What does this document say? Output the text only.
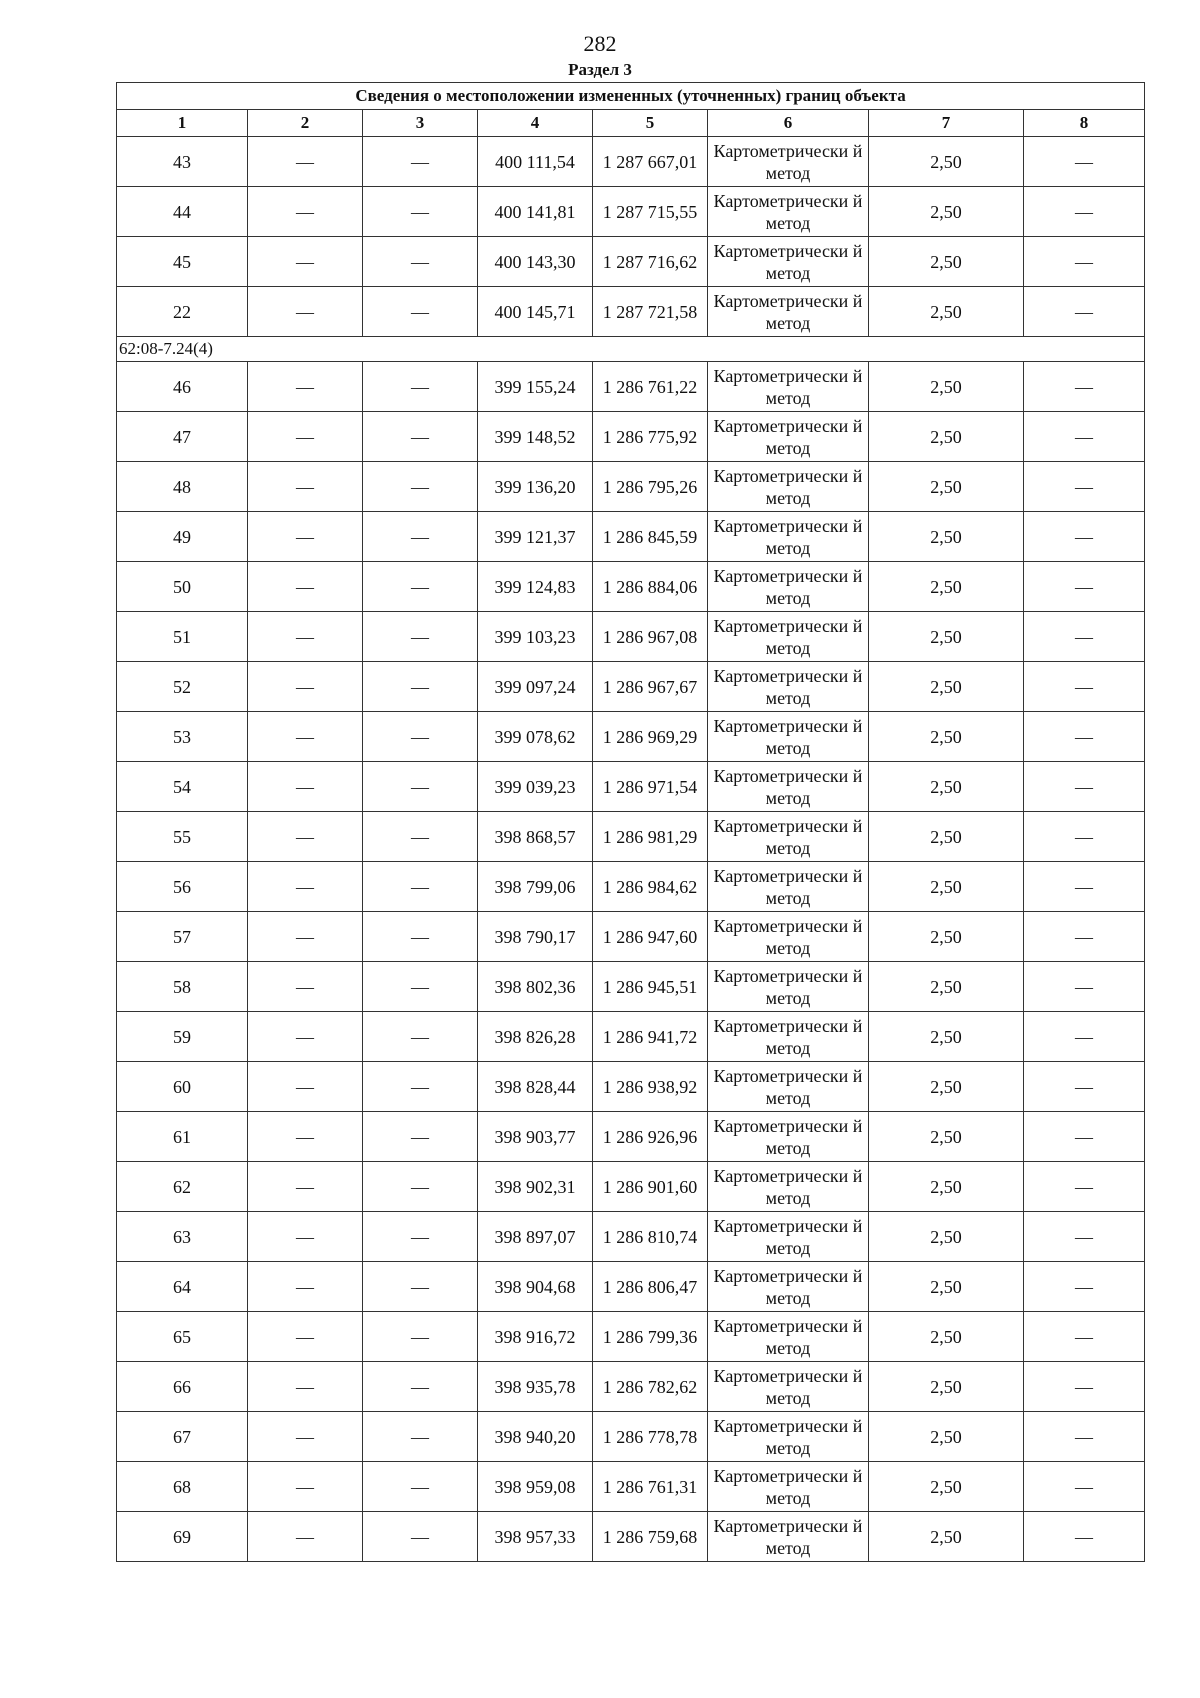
282
Раздел 3
Сведения о местоположении измененных (уточненных) границ объекта							
1	2	3	4	5	6	7	8
43	—	—	400 111,54	1 287 667,01	Картометрически й метод	2,50	—
44	—	—	400 141,81	1 287 715,55	Картометрически й метод	2,50	—
45	—	—	400 143,30	1 287 716,62	Картометрически й метод	2,50	—
22	—	—	400 145,71	1 287 721,58	Картометрически й метод	2,50	—
62:08-7.24(4)							
46	—	—	399 155,24	1 286 761,22	Картометрически й метод	2,50	—
47	—	—	399 148,52	1 286 775,92	Картометрически й метод	2,50	—
48	—	—	399 136,20	1 286 795,26	Картометрически й метод	2,50	—
49	—	—	399 121,37	1 286 845,59	Картометрически й метод	2,50	—
50	—	—	399 124,83	1 286 884,06	Картометрически й метод	2,50	—
51	—	—	399 103,23	1 286 967,08	Картометрически й метод	2,50	—
52	—	—	399 097,24	1 286 967,67	Картометрически й метод	2,50	—
53	—	—	399 078,62	1 286 969,29	Картометрически й метод	2,50	—
54	—	—	399 039,23	1 286 971,54	Картометрически й метод	2,50	—
55	—	—	398 868,57	1 286 981,29	Картометрически й метод	2,50	—
56	—	—	398 799,06	1 286 984,62	Картометрически й метод	2,50	—
57	—	—	398 790,17	1 286 947,60	Картометрически й метод	2,50	—
58	—	—	398 802,36	1 286 945,51	Картометрически й метод	2,50	—
59	—	—	398 826,28	1 286 941,72	Картометрически й метод	2,50	—
60	—	—	398 828,44	1 286 938,92	Картометрически й метод	2,50	—
61	—	—	398 903,77	1 286 926,96	Картометрически й метод	2,50	—
62	—	—	398 902,31	1 286 901,60	Картометрически й метод	2,50	—
63	—	—	398 897,07	1 286 810,74	Картометрически й метод	2,50	—
64	—	—	398 904,68	1 286 806,47	Картометрически й метод	2,50	—
65	—	—	398 916,72	1 286 799,36	Картометрически й метод	2,50	—
66	—	—	398 935,78	1 286 782,62	Картометрически й метод	2,50	—
67	—	—	398 940,20	1 286 778,78	Картометрически й метод	2,50	—
68	—	—	398 959,08	1 286 761,31	Картометрически й метод	2,50	—
69	—	—	398 957,33	1 286 759,68	Картометрически й метод	2,50	—
